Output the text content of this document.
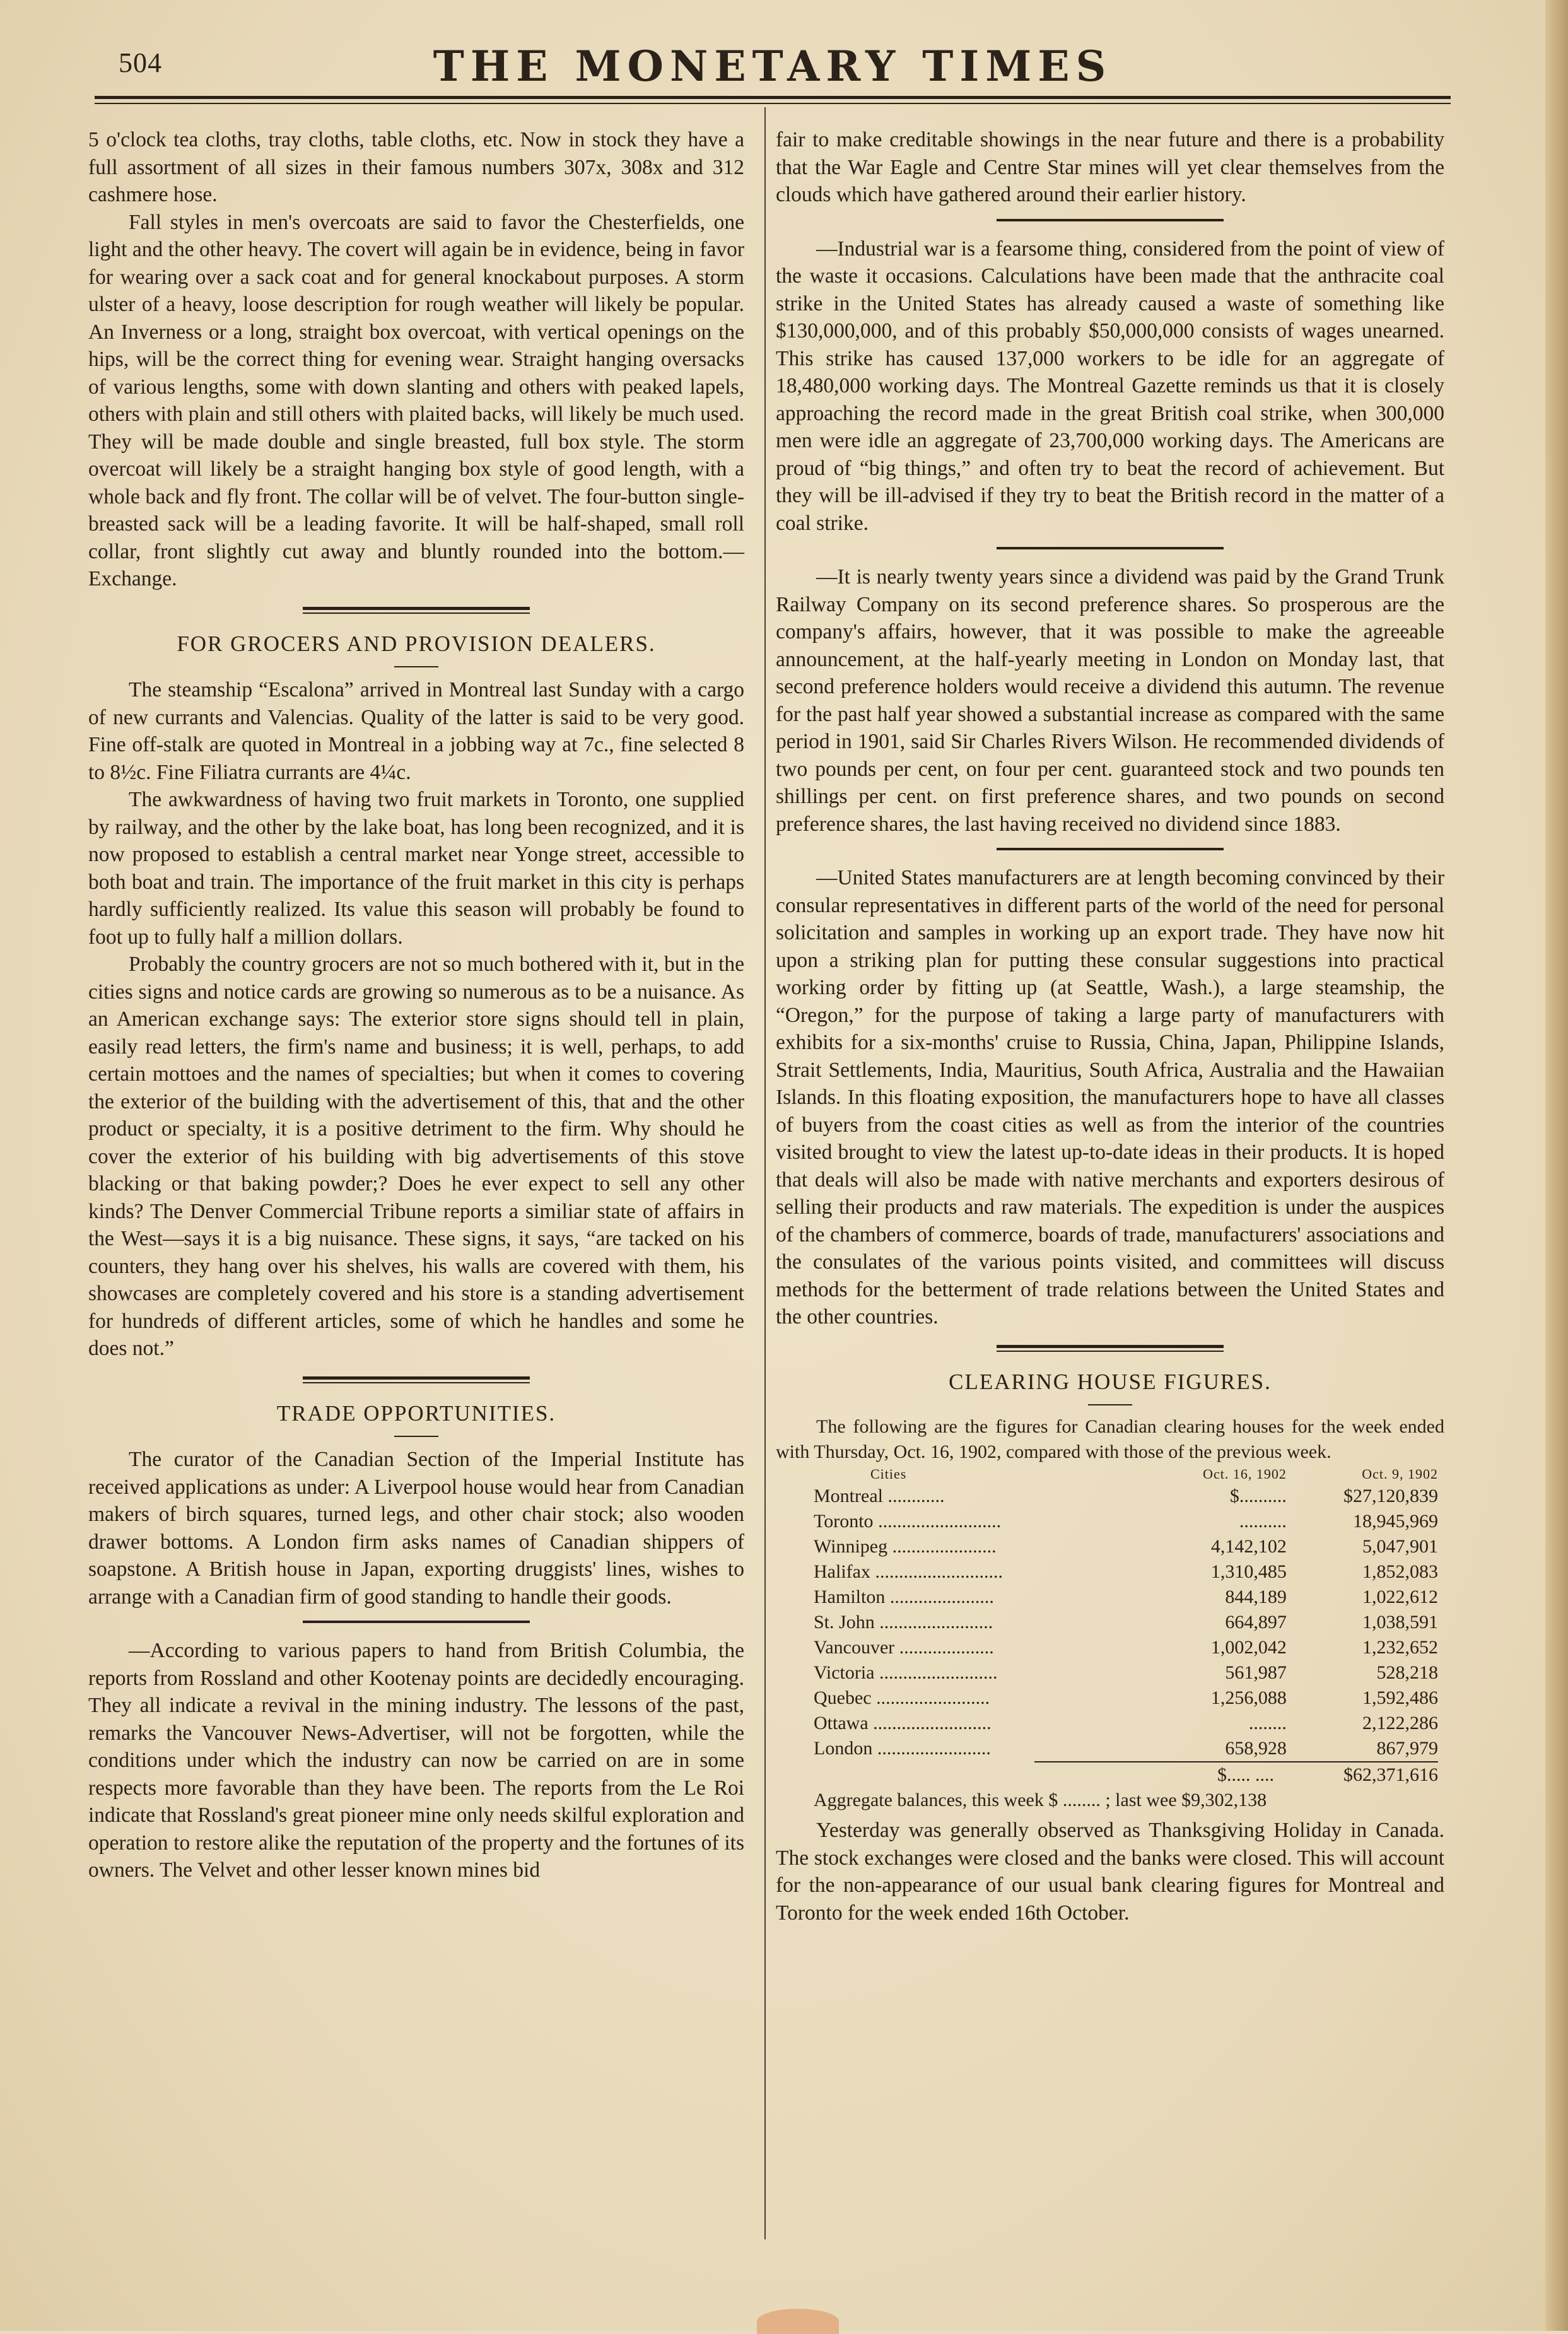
504	THE MONETARY TIMES

5 o'clock tea cloths, tray cloths, table cloths, etc. Now in stock they have a full assortment of all sizes in their famous numbers 307x, 308x and 312 cashmere hose.

Fall styles in men's overcoats are said to favor the Chesterfields, one light and the other heavy. The covert will again be in evidence, being in favor for wearing over a sack coat and for general knockabout purposes. A storm ulster of a heavy, loose description for rough weather will likely be popular. An Inverness or a long, straight box overcoat, with vertical openings on the hips, will be the correct thing for evening wear. Straight hanging oversacks of various lengths, some with down slanting and others with peaked lapels, others with plain and still others with plaited backs, will likely be much used. They will be made double and single breasted, full box style. The storm overcoat will likely be a straight hanging box style of good length, with a whole back and fly front. The collar will be of velvet. The four-button single-breasted sack will be a leading favorite. It will be half-shaped, small roll collar, front slightly cut away and bluntly rounded into the bottom.—Exchange.

FOR GROCERS AND PROVISION DEALERS.

The steamship “Escalona” arrived in Montreal last Sunday with a cargo of new currants and Valencias. Quality of the latter is said to be very good. Fine off-stalk are quoted in Montreal in a jobbing way at 7c., fine selected 8 to 8½c. Fine Filiatra currants are 4¼c.

The awkwardness of having two fruit markets in Toronto, one supplied by railway, and the other by the lake boat, has long been recognized, and it is now proposed to establish a central market near Yonge street, accessible to both boat and train. The importance of the fruit market in this city is perhaps hardly sufficiently realized. Its value this season will probably be found to foot up to fully half a million dollars.

Probably the country grocers are not so much bothered with it, but in the cities signs and notice cards are growing so numerous as to be a nuisance. As an American exchange says: The exterior store signs should tell in plain, easily read letters, the firm's name and business; it is well, perhaps, to add certain mottoes and the names of specialties; but when it comes to covering the exterior of the building with the advertisement of this, that and the other product or specialty, it is a positive detriment to the firm. Why should he cover the exterior of his building with big advertisements of this stove blacking or that baking powder;? Does he ever expect to sell any other kinds? The Denver Commercial Tribune reports a similiar state of affairs in the West—says it is a big nuisance. These signs, it says, “are tacked on his counters, they hang over his shelves, his walls are covered with them, his showcases are completely covered and his store is a standing advertisement for hundreds of different articles, some of which he handles and some he does not.”

TRADE OPPORTUNITIES.

The curator of the Canadian Section of the Imperial Institute has received applications as under: A Liverpool house would hear from Canadian makers of birch squares, turned legs, and other chair stock; also wooden drawer bottoms. A London firm asks names of Canadian shippers of soapstone. A British house in Japan, exporting druggists' lines, wishes to arrange with a Canadian firm of good standing to handle their goods.

—According to various papers to hand from British Columbia, the reports from Rossland and other Kootenay points are decidedly encouraging. They all indicate a revival in the mining industry. The lessons of the past, remarks the Vancouver News-Advertiser, will not be forgotten, while the conditions under which the industry can now be carried on are in some respects more favorable than they have been. The reports from the Le Roi indicate that Rossland's great pioneer mine only needs skilful exploration and operation to restore alike the reputation of the property and the fortunes of its owners. The Velvet and other lesser known mines bid

fair to make creditable showings in the near future and there is a probability that the War Eagle and Centre Star mines will yet clear themselves from the clouds which have gathered around their earlier history.

—Industrial war is a fearsome thing, considered from the point of view of the waste it occasions. Calculations have been made that the anthracite coal strike in the United States has already caused a waste of something like $130,000,000, and of this probably $50,000,000 consists of wages unearned. This strike has caused 137,000 workers to be idle for an aggregate of 18,480,000 working days. The Montreal Gazette reminds us that it is closely approaching the record made in the great British coal strike, when 300,000 men were idle an aggregate of 23,700,000 working days. The Americans are proud of “big things,” and often try to beat the record of achievement. But they will be ill-advised if they try to beat the British record in the matter of a coal strike.

—It is nearly twenty years since a dividend was paid by the Grand Trunk Railway Company on its second preference shares. So prosperous are the company's affairs, however, that it was possible to make the agreeable announcement, at the half-yearly meeting in London on Monday last, that second preference holders would receive a dividend this autumn. The revenue for the past half year showed a substantial increase as compared with the same period in 1901, said Sir Charles Rivers Wilson. He recommended dividends of two pounds per cent, on four per cent. guaranteed stock and two pounds ten shillings per cent. on first preference shares, and two pounds on second preference shares, the last having received no dividend since 1883.

—United States manufacturers are at length becoming convinced by their consular representatives in different parts of the world of the need for personal solicitation and samples in working up an export trade. They have now hit upon a striking plan for putting these consular suggestions into practical working order by fitting up (at Seattle, Wash.), a large steamship, the “Oregon,” for the purpose of taking a large party of manufacturers with exhibits for a six-months' cruise to Russia, China, Japan, Philippine Islands, Strait Settlements, India, Mauritius, South Africa, Australia and the Hawaiian Islands. In this floating exposition, the manufacturers hope to have all classes of buyers from the coast cities as well as from the interior of the countries visited brought to view the latest up-to-date ideas in their products. It is hoped that deals will also be made with native merchants and exporters desirous of selling their products and raw materials. The expedition is under the auspices of the chambers of commerce, boards of trade, manufacturers' associations and the consulates of the various points visited, and committees will discuss methods for the betterment of trade relations between the United States and the other countries.

CLEARING HOUSE FIGURES.

The following are the figures for Canadian clearing houses for the week ended with Thursday, Oct. 16, 1902, compared with those of the previous week.

Cities	Oct. 16, 1902	Oct. 9, 1902
Montreal ............	$..........	$27,120,839
Toronto ..........................	..........	18,945,969
Winnipeg ......................	4,142,102	5,047,901
Halifax ...........................	1,310,485	1,852,083
Hamilton ......................	844,189	1,022,612
St. John ........................	664,897	1,038,591
Vancouver ....................	1,002,042	1,232,652
Victoria .........................	561,987	528,218
Quebec ........................	1,256,088	1,592,486
Ottawa .........................	........	2,122,286
London ........................	658,928	867,979
	$..... ....	$62,371,616
Aggregate balances, this week $ ........ ; last wee $9,302,138

Yesterday was generally observed as Thanksgiving Holiday in Canada. The stock exchanges were closed and the banks were closed. This will account for the non-appearance of our usual bank clearing figures for Montreal and Toronto for the week ended 16th October.
